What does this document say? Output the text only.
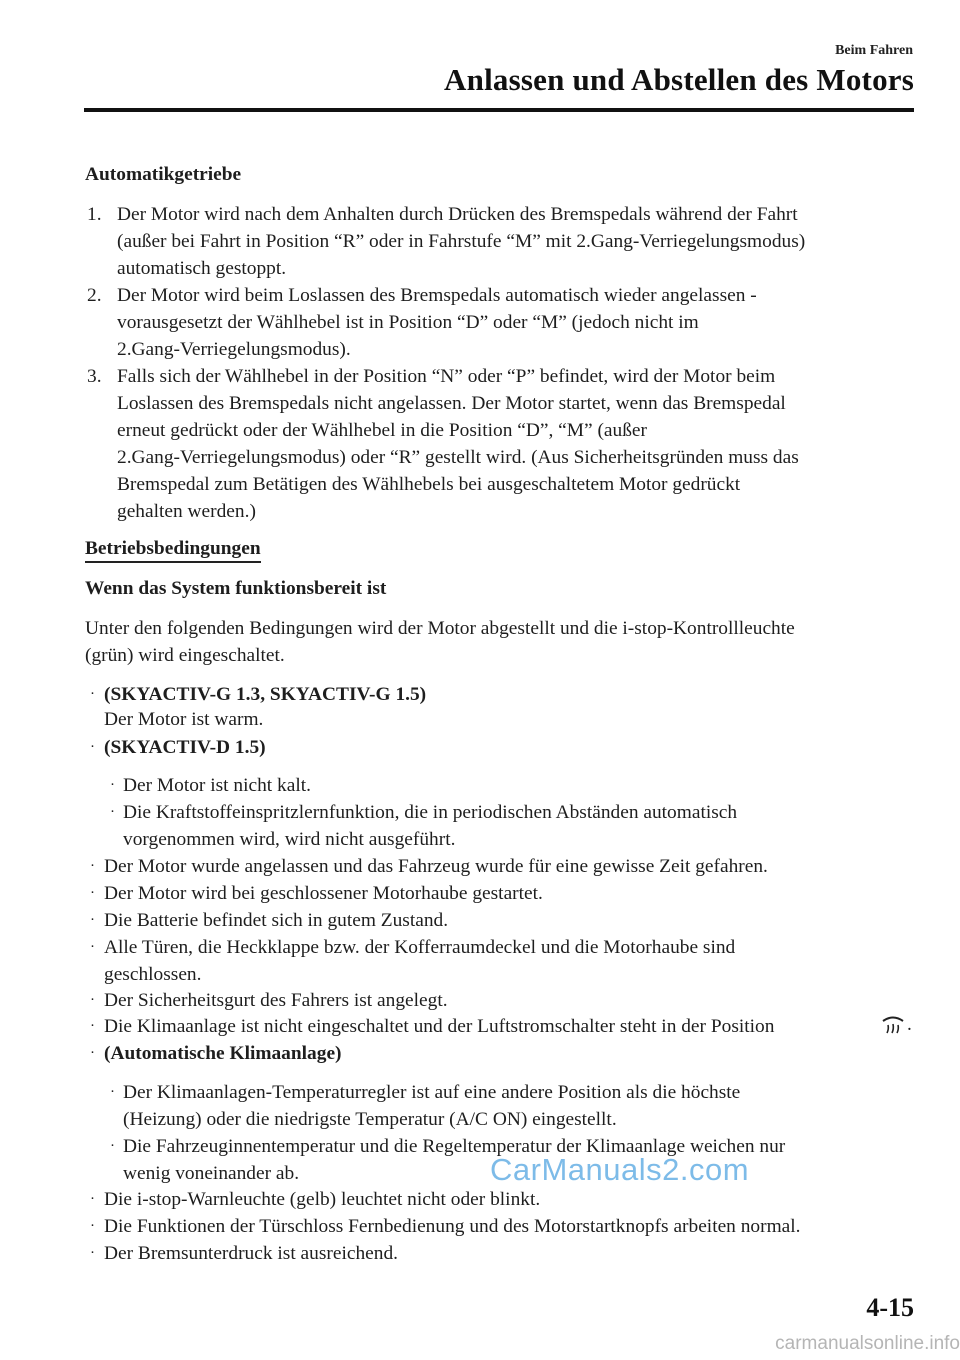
Beim Fahren
Anlassen und Abstellen des Motors
Automatikgetriebe
1. Der Motor wird nach dem Anhalten durch Drücken des Bremspedals während der Fahrt
(außer bei Fahrt in Position “R” oder in Fahrstufe “M” mit 2.Gang-Verriegelungsmodus)
automatisch gestoppt.
2. Der Motor wird beim Loslassen des Bremspedals automatisch wieder angelassen -
vorausgesetzt der Wählhebel ist in Position “D” oder “M” (jedoch nicht im
2.Gang-Verriegelungsmodus).
3. Falls sich der Wählhebel in der Position “N” oder “P” befindet, wird der Motor beim
Loslassen des Bremspedals nicht angelassen. Der Motor startet, wenn das Bremspedal
erneut gedrückt oder der Wählhebel in die Position “D”, “M” (außer
2.Gang-Verriegelungsmodus) oder “R” gestellt wird. (Aus Sicherheitsgründen muss das
Bremspedal zum Betätigen des Wählhebels bei ausgeschaltetem Motor gedrückt
gehalten werden.)
Betriebsbedingungen
Wenn das System funktionsbereit ist
Unter den folgenden Bedingungen wird der Motor abgestellt und die i-stop-Kontrollleuchte
(grün) wird eingeschaltet.
· (SKYACTIV-G 1.3, SKYACTIV-G 1.5)
Der Motor ist warm.
· (SKYACTIV-D 1.5)
· Der Motor ist nicht kalt.
· Die Kraftstoffeinspritzlernfunktion, die in periodischen Abständen automatisch
vorgenommen wird, wird nicht ausgeführt.
· Der Motor wurde angelassen und das Fahrzeug wurde für eine gewisse Zeit gefahren.
· Der Motor wird bei geschlossener Motorhaube gestartet.
· Die Batterie befindet sich in gutem Zustand.
· Alle Türen, die Heckklappe bzw. der Kofferraumdeckel und die Motorhaube sind
geschlossen.
· Der Sicherheitsgurt des Fahrers ist angelegt.
· Die Klimaanlage ist nicht eingeschaltet und der Luftstromschalter steht in der Position	.
· (Automatische Klimaanlage)
· Der Klimaanlagen-Temperaturregler ist auf eine andere Position als die höchste
(Heizung) oder die niedrigste Temperatur (A/C ON) eingestellt.
· Die Fahrzeuginnentemperatur und die Regeltemperatur der Klimaanlage weichen nur
wenig voneinander ab.
· Die i-stop-Warnleuchte (gelb) leuchtet nicht oder blinkt.
· Die Funktionen der Türschloss Fernbedienung und des Motorstartknopfs arbeiten normal.
· Der Bremsunterdruck ist ausreichend.
CarManuals2.com
4-15
carmanualsonline.info
